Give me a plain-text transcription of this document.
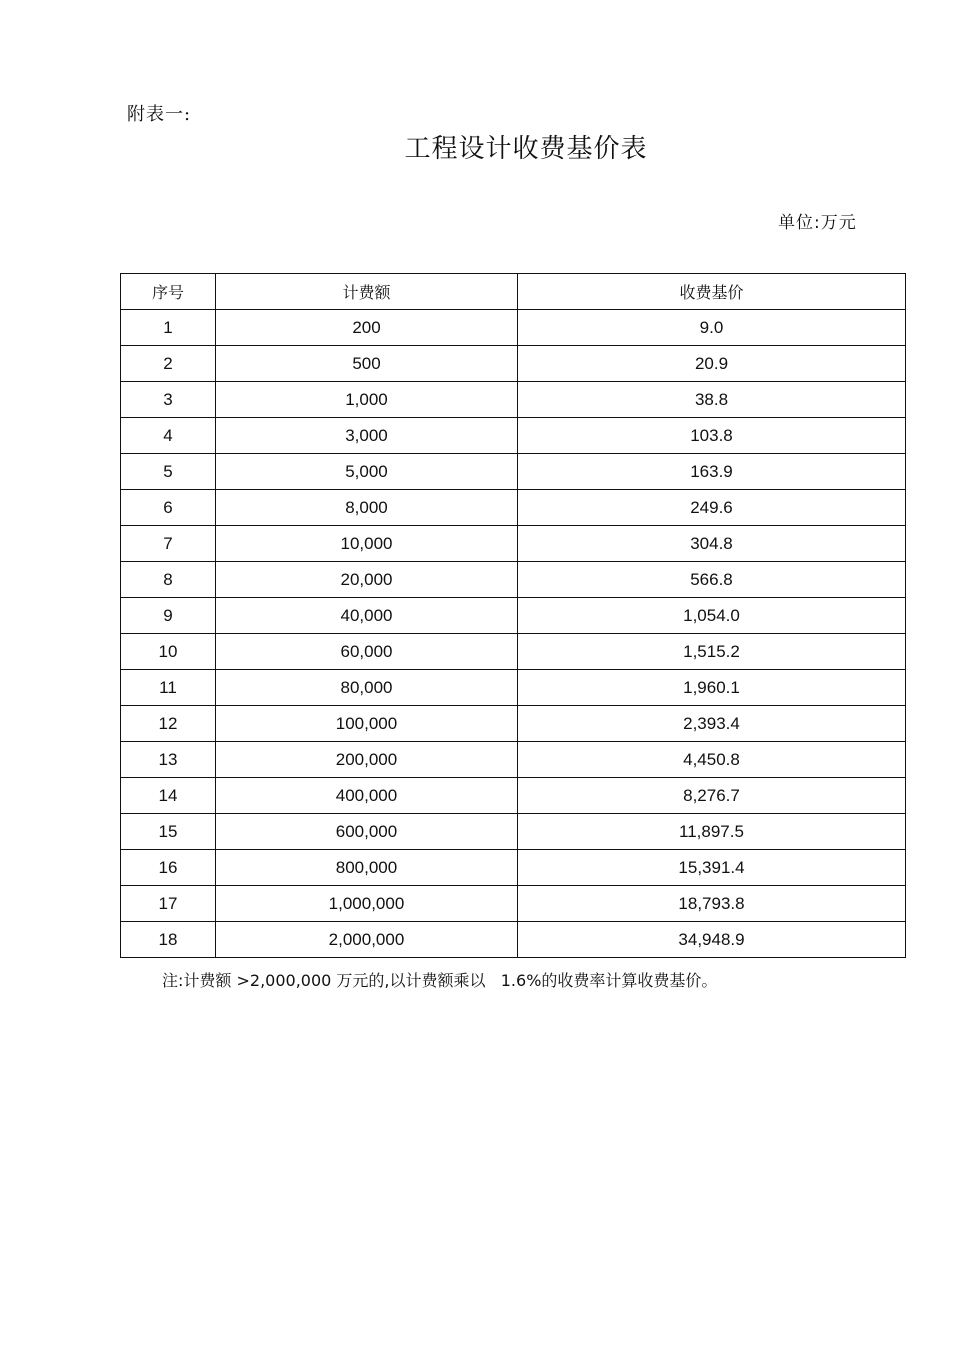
附表一:
工程设计收费基价表
单位:万元
序号	计费额	收费基价
1	200	9.0
2	500	20.9
3	1,000	38.8
4	3,000	103.8
5	5,000	163.9
6	8,000	249.6
7	10,000	304.8
8	20,000	566.8
9	40,000	1,054.0
10	60,000	1,515.2
11	80,000	1,960.1
12	100,000	2,393.4
13	200,000	4,450.8
14	400,000	8,276.7
15	600,000	11,897.5
16	800,000	15,391.4
17	1,000,000	18,793.8
18	2,000,000	34,948.9
注:计费额 >2,000,000 万元的,以计费额乘以   1.6%的收费率计算收费基价。
